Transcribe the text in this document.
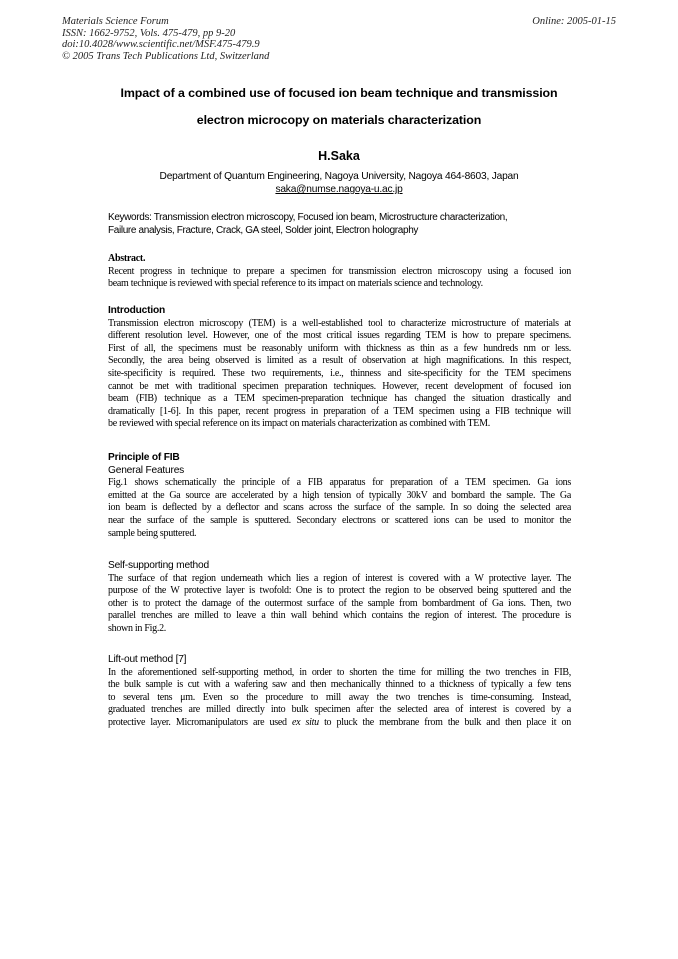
Materials Science Forum
ISSN: 1662-9752, Vols. 475-479, pp 9-20
doi:10.4028/www.scientific.net/MSF.475-479.9
© 2005 Trans Tech Publications Ltd, Switzerland
Online: 2005-01-15
Impact of a combined use of focused ion beam technique and transmission
electron microcopy on materials characterization
H.Saka
Department of Quantum Engineering, Nagoya University, Nagoya 464-8603, Japan
saka@numse.nagoya-u.ac.jp
Keywords: Transmission electron microscopy, Focused ion beam, Microstructure characterization,
Failure analysis, Fracture, Crack, GA steel, Solder joint, Electron holography
Abstract.
Recent progress in technique to prepare a specimen for transmission electron microscopy using a focused ion
beam technique is reviewed with special reference to its impact on materials science and technology.
Introduction
Transmission electron microscopy (TEM) is a well-established tool to characterize microstructure of materials at
different resolution level. However, one of the most critical issues regarding TEM is how to prepare specimens.
First of all, the specimens must be reasonably uniform with thickness as thin as a few hundreds nm or less.
Secondly, the area being observed is limited as a result of observation at high magnifications. In this respect,
site-specificity is required. These two requirements, i.e., thinness and site-specificity for the TEM specimens
cannot be met with traditional specimen preparation techniques. However, recent development of focused ion
beam (FIB) technique as a TEM specimen-preparation technique has changed the situation drastically and
dramatically [1-6]. In this paper, recent progress in preparation of a TEM specimen using a FIB technique will
be reviewed with special reference on its impact on materials characterization as combined with TEM.
Principle of FIB
General Features
Fig.1 shows schematically the principle of a FIB apparatus for preparation of a TEM specimen. Ga ions
emitted at the Ga source are accelerated by a high tension of typically 30kV and bombard the sample. The Ga
ion beam is deflected by a deflector and scans across the surface of the sample. In so doing the selected area
near the surface of the sample is sputtered. Secondary electrons or scattered ions can be used to monitor the
sample being sputtered.
Self-supporting method
The surface of that region underneath which lies a region of interest is covered with a W protective layer. The
purpose of the W protective layer is twofold: One is to protect the region to be observed being sputtered and the
other is to protect the damage of the outermost surface of the sample from bombardment of Ga ions. Then, two
parallel trenches are milled to leave a thin wall behind which contains the region of interest. The procedure is
shown in Fig.2.
Lift-out method [7]
In the aforementioned self-supporting method, in order to shorten the time for milling the two trenches in FIB,
the bulk sample is cut with a wafering saw and then mechanically thinned to a thickness of typically a few tens
to several tens μm. Even so the procedure to mill away the two trenches is time-consuming. Instead,
graduated trenches are milled directly into bulk specimen after the selected area of interest is covered by a
protective layer. Micromanipulators are used ex situ to pluck the membrane from the bulk and then place it on
